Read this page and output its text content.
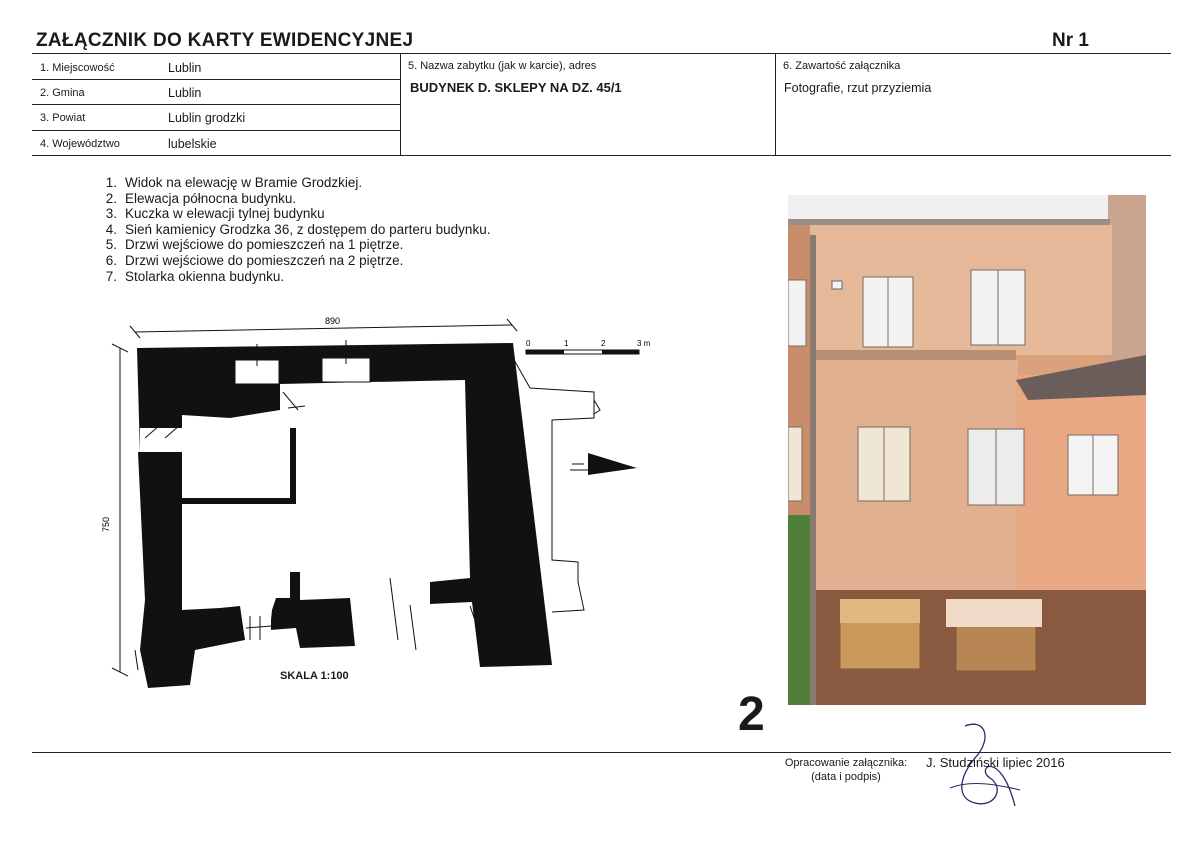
ZAŁĄCZNIK DO KARTY EWIDENCYJNEJ	Nr 1
1. Miejscowość	Lublin
2. Gmina	Lublin
3. Powiat	Lublin grodzki
4. Województwo	lubelskie
5. Nazwa zabytku (jak w karcie), adres
BUDYNEK D. SKLEPY NA DZ. 45/1
6. Zawartość załącznika
Fotografie, rzut przyziemia
1. Widok na elewację w Bramie Grodzkiej.
2. Elewacja północna budynku.
3. Kuczka w elewacji tylnej budynku
4. Sień kamienicy Grodzka 36, z dostępem do parteru budynku.
5. Drzwi wejściowe do pomieszczeń na 1 piętrze.
6. Drzwi wejściowe do pomieszczeń na 2 piętrze.
7. Stolarka okienna budynku.
890
750
0	1	2	3 m
SKALA 1:100
2
Opracowanie załącznika:
(data i podpis)
J. Studziński lipiec 2016
